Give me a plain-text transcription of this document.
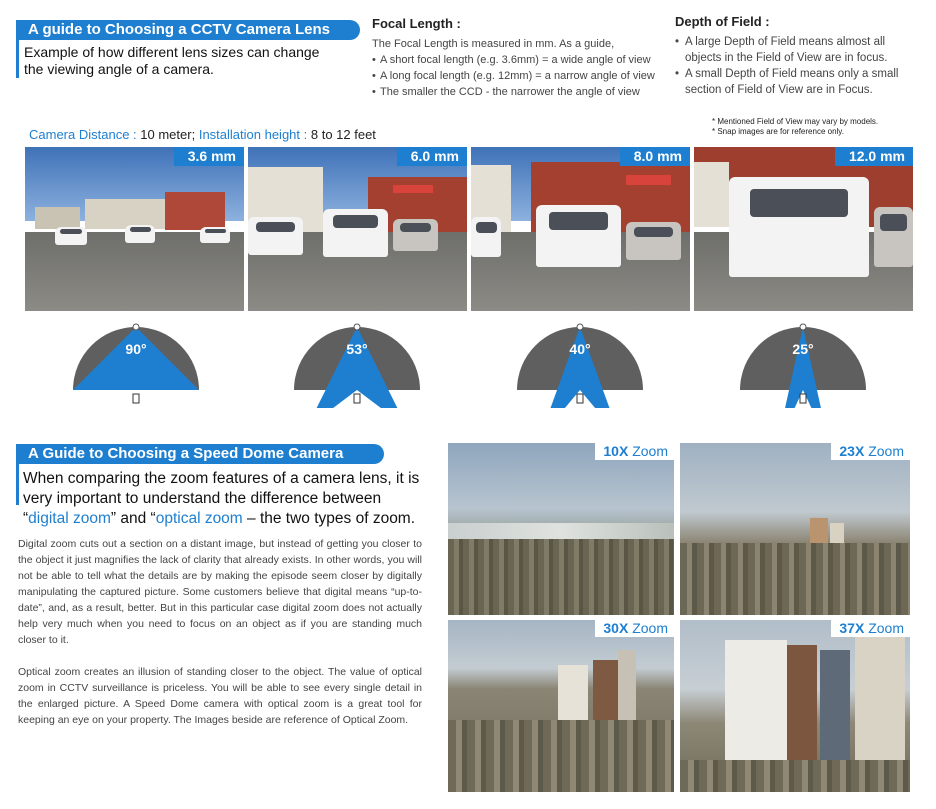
A guide to Choosing a CCTV Camera Lens
Example of how different lens sizes can change
the viewing angle of a camera.
Focal Length :

The Focal Length is measured in mm. As a guide,

• A short focal length (e.g. 3.6mm) = a wide angle of view
• A long focal length (e.g. 12mm) = a narrow angle of view
• The smaller the CCD - the narrower the angle of view
Depth of Field :
• A large Depth of Field means almost all objects in the Field of View are in focus.
• A small Depth of Field means only a small section of Field of View are in Focus.
* Mentioned Field of View may vary by models.
* Snap images are for reference only.
Camera Distance : 10 meter; Installation height : 8 to 12 feet
3.6 mm	6.0 mm	8.0 mm	12.0 mm
90°	53°	40°	25°
A Guide to Choosing a Speed Dome Camera
When comparing the zoom features of a camera lens, it is very important to understand the difference between “digital zoom” and “optical zoom – the two types of zoom.
Digital zoom cuts out a section on a distant image, but instead of getting you closer to the object it just magnifies the lack of clarity that already exists. In other words, you will not be able to tell what the details are by making the episode seem closer by digitally manipulating the captured picture. Some customers believe that digital means “up-to-date”, and, as a result, better. But in this particular case digital zoom does not actually help very much when you need to focus on an object as if you are standing much closer to it.
Optical zoom creates an illusion of standing closer to the object. The value of optical zoom in CCTV surveillance is priceless. You will be able to see every single detail in the enlarged picture. A Speed Dome camera with optical zoom is a great tool for keeping an eye on your property. The Images beside are reference of Optical Zoom.
10X Zoom	23X Zoom
30X Zoom	37X Zoom
